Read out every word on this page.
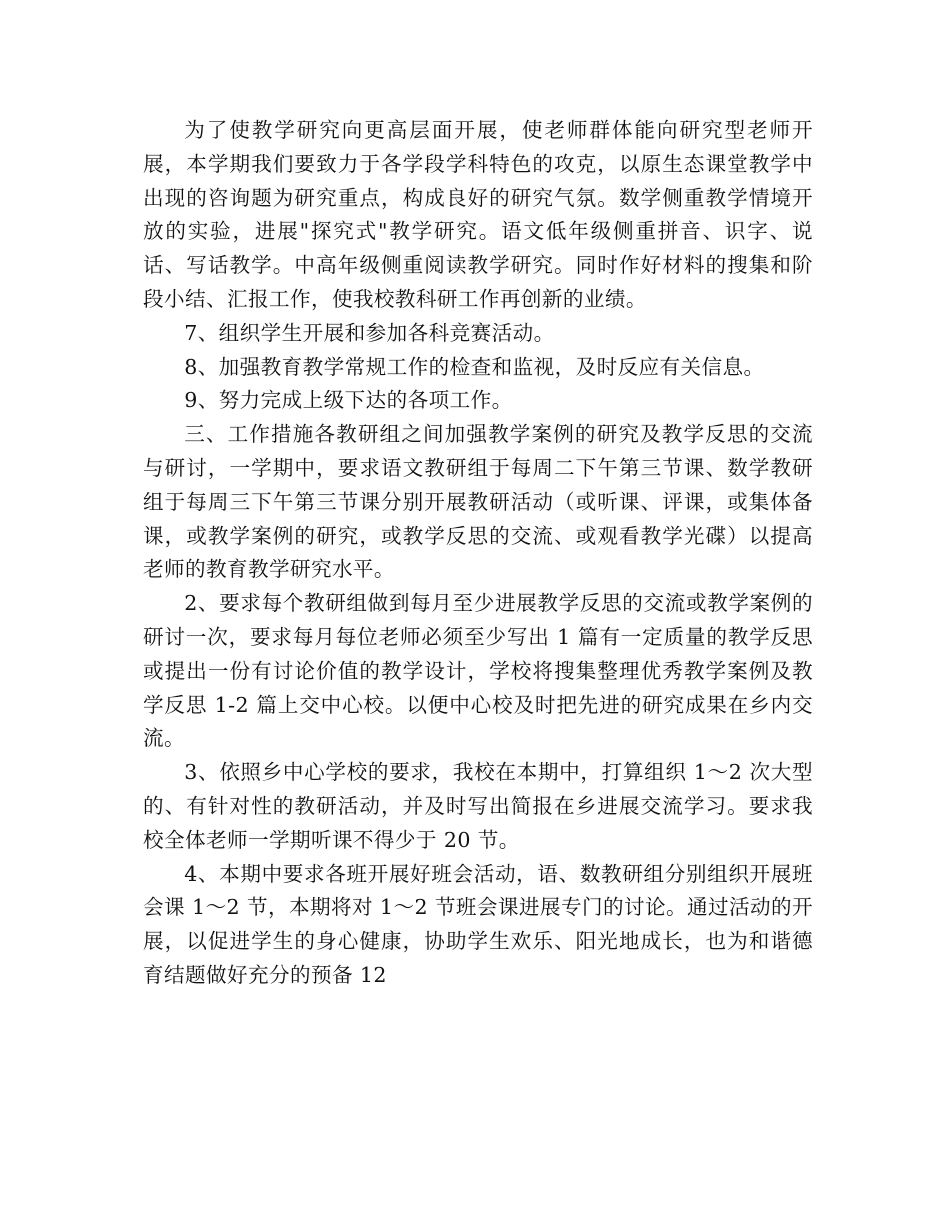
为了使教学研究向更高层面开展，使老师群体能向研究型老师开展，本学期我们要致力于各学段学科特色的攻克，以原生态课堂教学中出现的咨询题为研究重点，构成良好的研究气氛。数学侧重教学情境开放的实验，进展"探究式"教学研究。语文低年级侧重拼音、识字、说话、写话教学。中高年级侧重阅读教学研究。同时作好材料的搜集和阶段小结、汇报工作，使我校教科研工作再创新的业绩。

7、组织学生开展和参加各科竞赛活动。

8、加强教育教学常规工作的检查和监视，及时反应有关信息。

9、努力完成上级下达的各项工作。

三、工作措施各教研组之间加强教学案例的研究及教学反思的交流与研讨，一学期中，要求语文教研组于每周二下午第三节课、数学教研组于每周三下午第三节课分别开展教研活动（或听课、评课，或集体备课，或教学案例的研究，或教学反思的交流、或观看教学光碟）以提高老师的教育教学研究水平。

2、要求每个教研组做到每月至少进展教学反思的交流或教学案例的研讨一次，要求每月每位老师必须至少写出 1 篇有一定质量的教学反思或提出一份有讨论价值的教学设计，学校将搜集整理优秀教学案例及教学反思 1-2 篇上交中心校。以便中心校及时把先进的研究成果在乡内交流。

3、依照乡中心学校的要求，我校在本期中，打算组织 1～2 次大型的、有针对性的教研活动，并及时写出简报在乡进展交流学习。要求我校全体老师一学期听课不得少于 20 节。

4、本期中要求各班开展好班会活动，语、数教研组分别组织开展班会课 1～2 节，本期将对 1～2 节班会课进展专门的讨论。通过活动的开展，以促进学生的身心健康，协助学生欢乐、阳光地成长，也为和谐德育结题做好充分的预备 12
